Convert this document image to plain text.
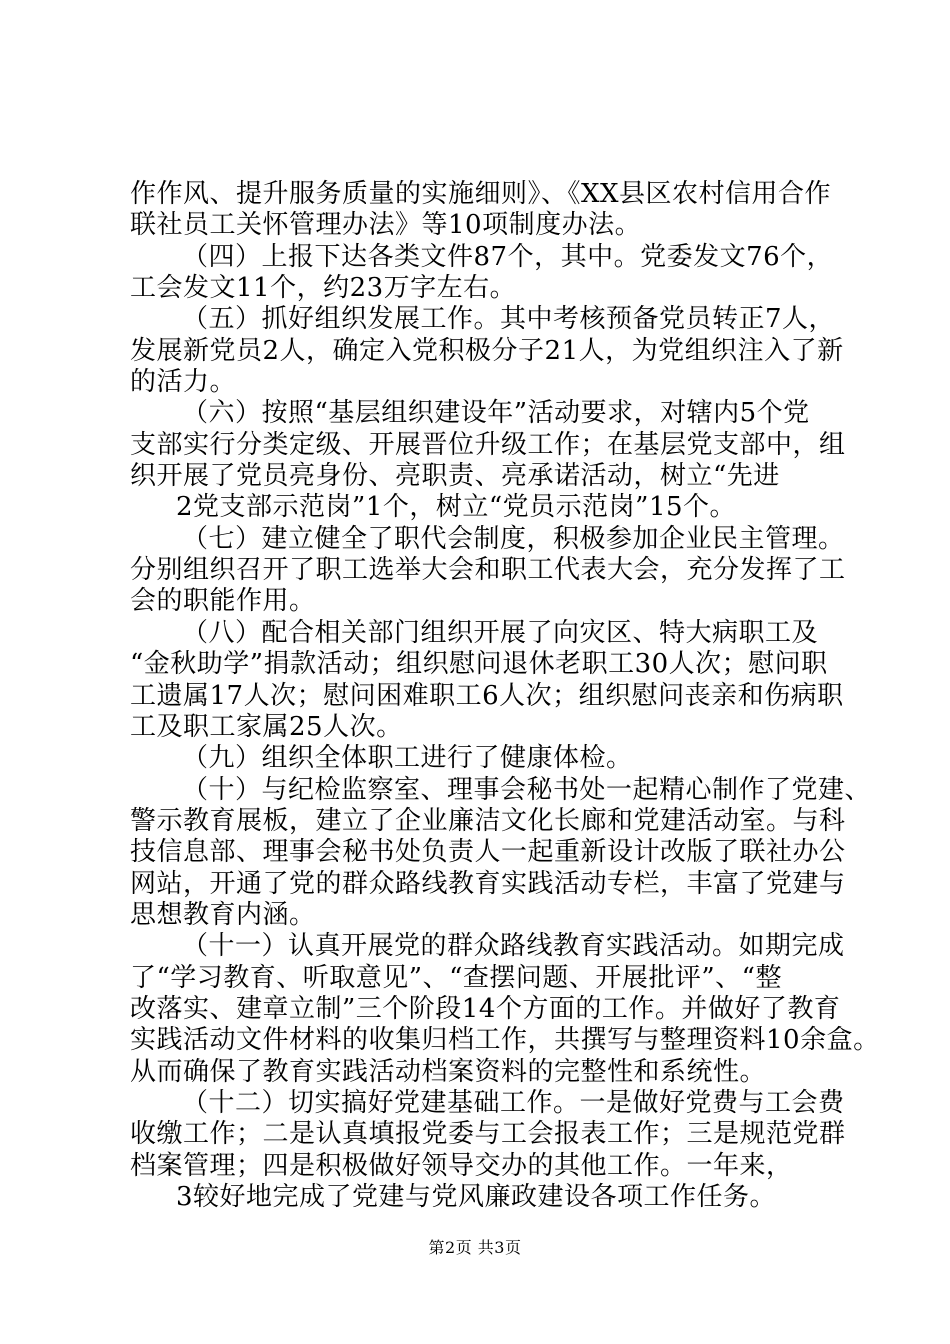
作作风、提升服务质量的实施细则》、《XX县区农村信用合作
联社员工关怀管理办法》等10项制度办法。
（四）上报下达各类文件87个，其中。党委发文76个，
工会发文11个，约23万字左右。
（五）抓好组织发展工作。其中考核预备党员转正7人，
发展新党员2人，确定入党积极分子21人，为党组织注入了新
的活力。
（六）按照“基层组织建设年”活动要求，对辖内5个党
支部实行分类定级、开展晋位升级工作；在基层党支部中，组
织开展了党员亮身份、亮职责、亮承诺活动，树立“先进
2党支部示范岗”1个，树立“党员示范岗”15个。
（七）建立健全了职代会制度，积极参加企业民主管理。
分别组织召开了职工选举大会和职工代表大会，充分发挥了工
会的职能作用。
（八）配合相关部门组织开展了向灾区、特大病职工及
“金秋助学”捐款活动；组织慰问退休老职工30人次；慰问职
工遗属17人次；慰问困难职工6人次；组织慰问丧亲和伤病职
工及职工家属25人次。
（九）组织全体职工进行了健康体检。
（十）与纪检监察室、理事会秘书处一起精心制作了党建、
警示教育展板，建立了企业廉洁文化长廊和党建活动室。与科
技信息部、理事会秘书处负责人一起重新设计改版了联社办公
网站，开通了党的群众路线教育实践活动专栏，丰富了党建与
思想教育内涵。
（十一）认真开展党的群众路线教育实践活动。如期完成
了“学习教育、听取意见”、“查摆问题、开展批评”、“整
改落实、建章立制”三个阶段14个方面的工作。并做好了教育
实践活动文件材料的收集归档工作，共撰写与整理资料10余盒。
从而确保了教育实践活动档案资料的完整性和系统性。
（十二）切实搞好党建基础工作。一是做好党费与工会费
收缴工作；二是认真填报党委与工会报表工作；三是规范党群
档案管理；四是积极做好领导交办的其他工作。一年来，
3较好地完成了党建与党风廉政建设各项工作任务。
第2页 共3页
